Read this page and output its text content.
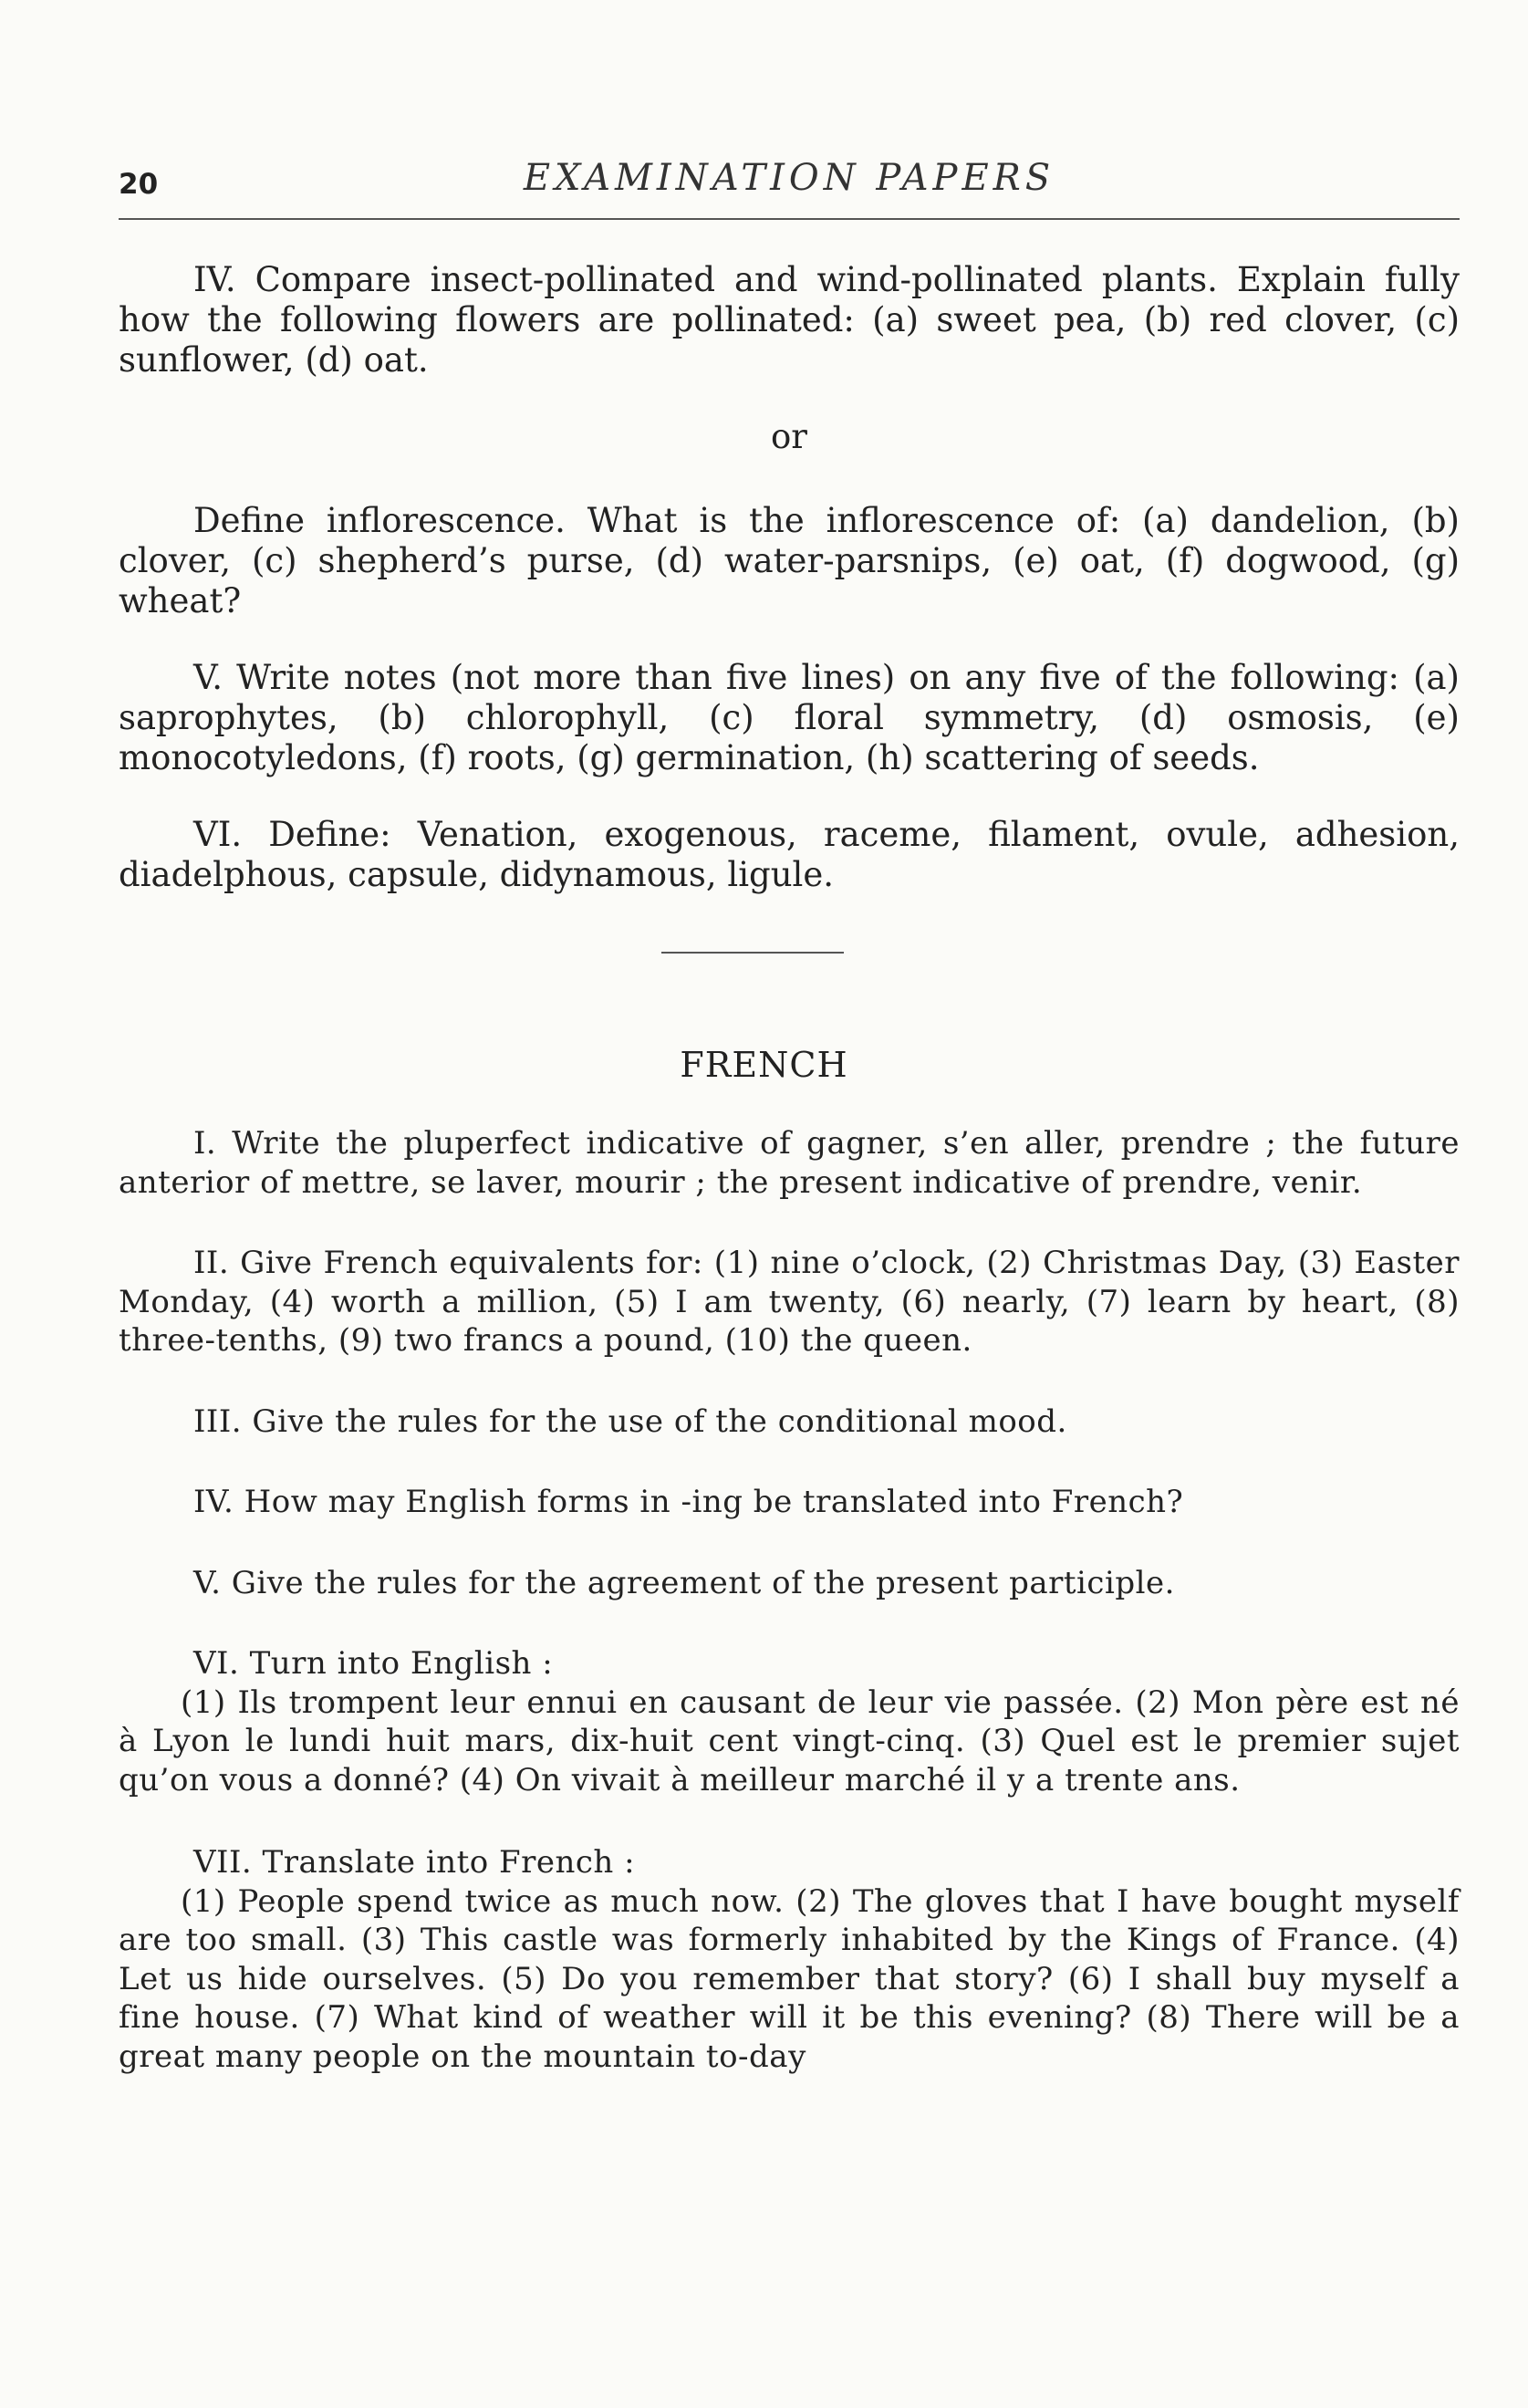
20	EXAMINATION PAPERS

IV. Compare insect-pollinated and wind-pollinated plants. Explain fully how the following flowers are pollinated: (a) sweet pea, (b) red clover, (c) sunflower, (d) oat.

or

Define inflorescence. What is the inflorescence of: (a) dandelion, (b) clover, (c) shepherd’s purse, (d) water-parsnips, (e) oat, (f) dogwood, (g) wheat?

V. Write notes (not more than five lines) on any five of the following: (a) saprophytes, (b) chlorophyll, (c) floral symmetry, (d) osmosis, (e) monocotyledons, (f) roots, (g) germination, (h) scattering of seeds.

VI. Define: Venation, exogenous, raceme, filament, ovule, adhesion, diadelphous, capsule, didynamous, ligule.

FRENCH

I. Write the pluperfect indicative of gagner, s’en aller, prendre ; the future anterior of mettre, se laver, mourir ; the present indicative of prendre, venir.

II. Give French equivalents for: (1) nine o’clock, (2) Christmas Day, (3) Easter Monday, (4) worth a million, (5) I am twenty, (6) nearly, (7) learn by heart, (8) three-tenths, (9) two francs a pound, (10) the queen.

III. Give the rules for the use of the conditional mood.

IV. How may English forms in -ing be translated into French?

V. Give the rules for the agreement of the present participle.

VI. Turn into English :

(1) Ils trompent leur ennui en causant de leur vie passée. (2) Mon père est né à Lyon le lundi huit mars, dix-huit cent vingt-cinq. (3) Quel est le premier sujet qu’on vous a donné? (4) On vivait à meilleur marché il y a trente ans.

VII. Translate into French :

(1) People spend twice as much now. (2) The gloves that I have bought myself are too small. (3) This castle was formerly inhabited by the Kings of France. (4) Let us hide ourselves. (5) Do you remember that story? (6) I shall buy myself a fine house. (7) What kind of weather will it be this evening? (8) There will be a great many people on the mountain to-day
